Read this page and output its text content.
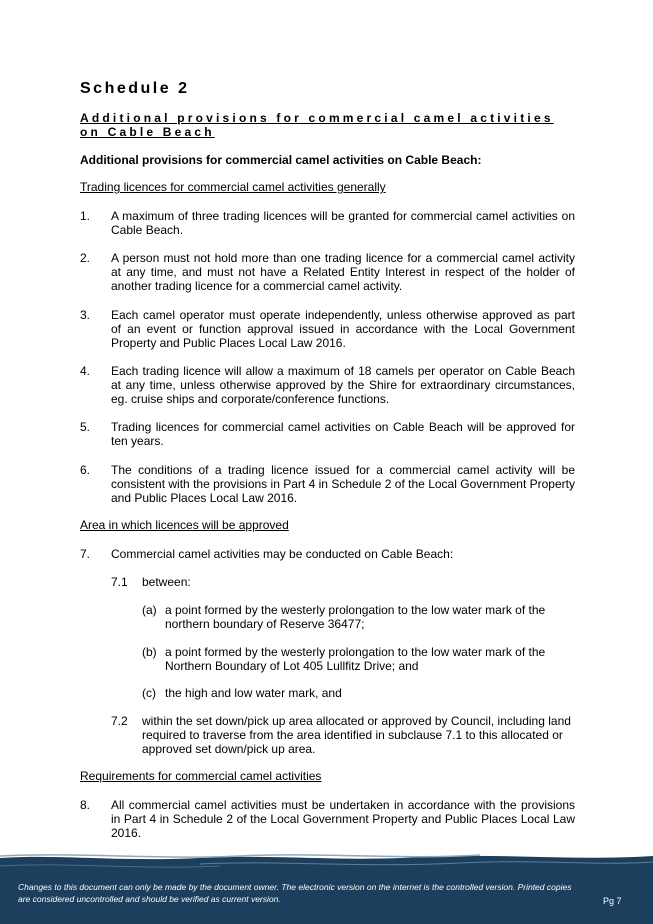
Schedule 2
Additional provisions for commercial camel activities on Cable Beach
Additional provisions for commercial camel activities on Cable Beach:
Trading licences for commercial camel activities generally
1. A maximum of three trading licences will be granted for commercial camel activities on Cable Beach.
2. A person must not hold more than one trading licence for a commercial camel activity at any time, and must not have a Related Entity Interest in respect of the holder of another trading licence for a commercial camel activity.
3. Each camel operator must operate independently, unless otherwise approved as part of an event or function approval issued in accordance with the Local Government Property and Public Places Local Law 2016.
4. Each trading licence will allow a maximum of 18 camels per operator on Cable Beach at any time, unless otherwise approved by the Shire for extraordinary circumstances, eg. cruise ships and corporate/conference functions.
5. Trading licences for commercial camel activities on Cable Beach will be approved for ten years.
6. The conditions of a trading licence issued for a commercial camel activity will be consistent with the provisions in Part 4 in Schedule 2 of the Local Government Property and Public Places Local Law 2016.
Area in which licences will be approved
7. Commercial camel activities may be conducted on Cable Beach:
7.1 between:
(a) a point formed by the westerly prolongation to the low water mark of the northern boundary of Reserve 36477;
(b) a point formed by the westerly prolongation to the low water mark of the Northern Boundary of Lot 405 Lullfitz Drive; and
(c) the high and low water mark, and
7.2 within the set down/pick up area allocated or approved by Council, including land required to traverse from the area identified in subclause 7.1 to this allocated or approved set down/pick up area.
Requirements for commercial camel activities
8. All commercial camel activities must be undertaken in accordance with the provisions in Part 4 in Schedule 2 of the Local Government Property and Public Places Local Law 2016.
Changes to this document can only be made by the document owner. The electronic version on the internet is the controlled version. Printed copies
are considered uncontrolled and should be verified as current version.	Pg 7
